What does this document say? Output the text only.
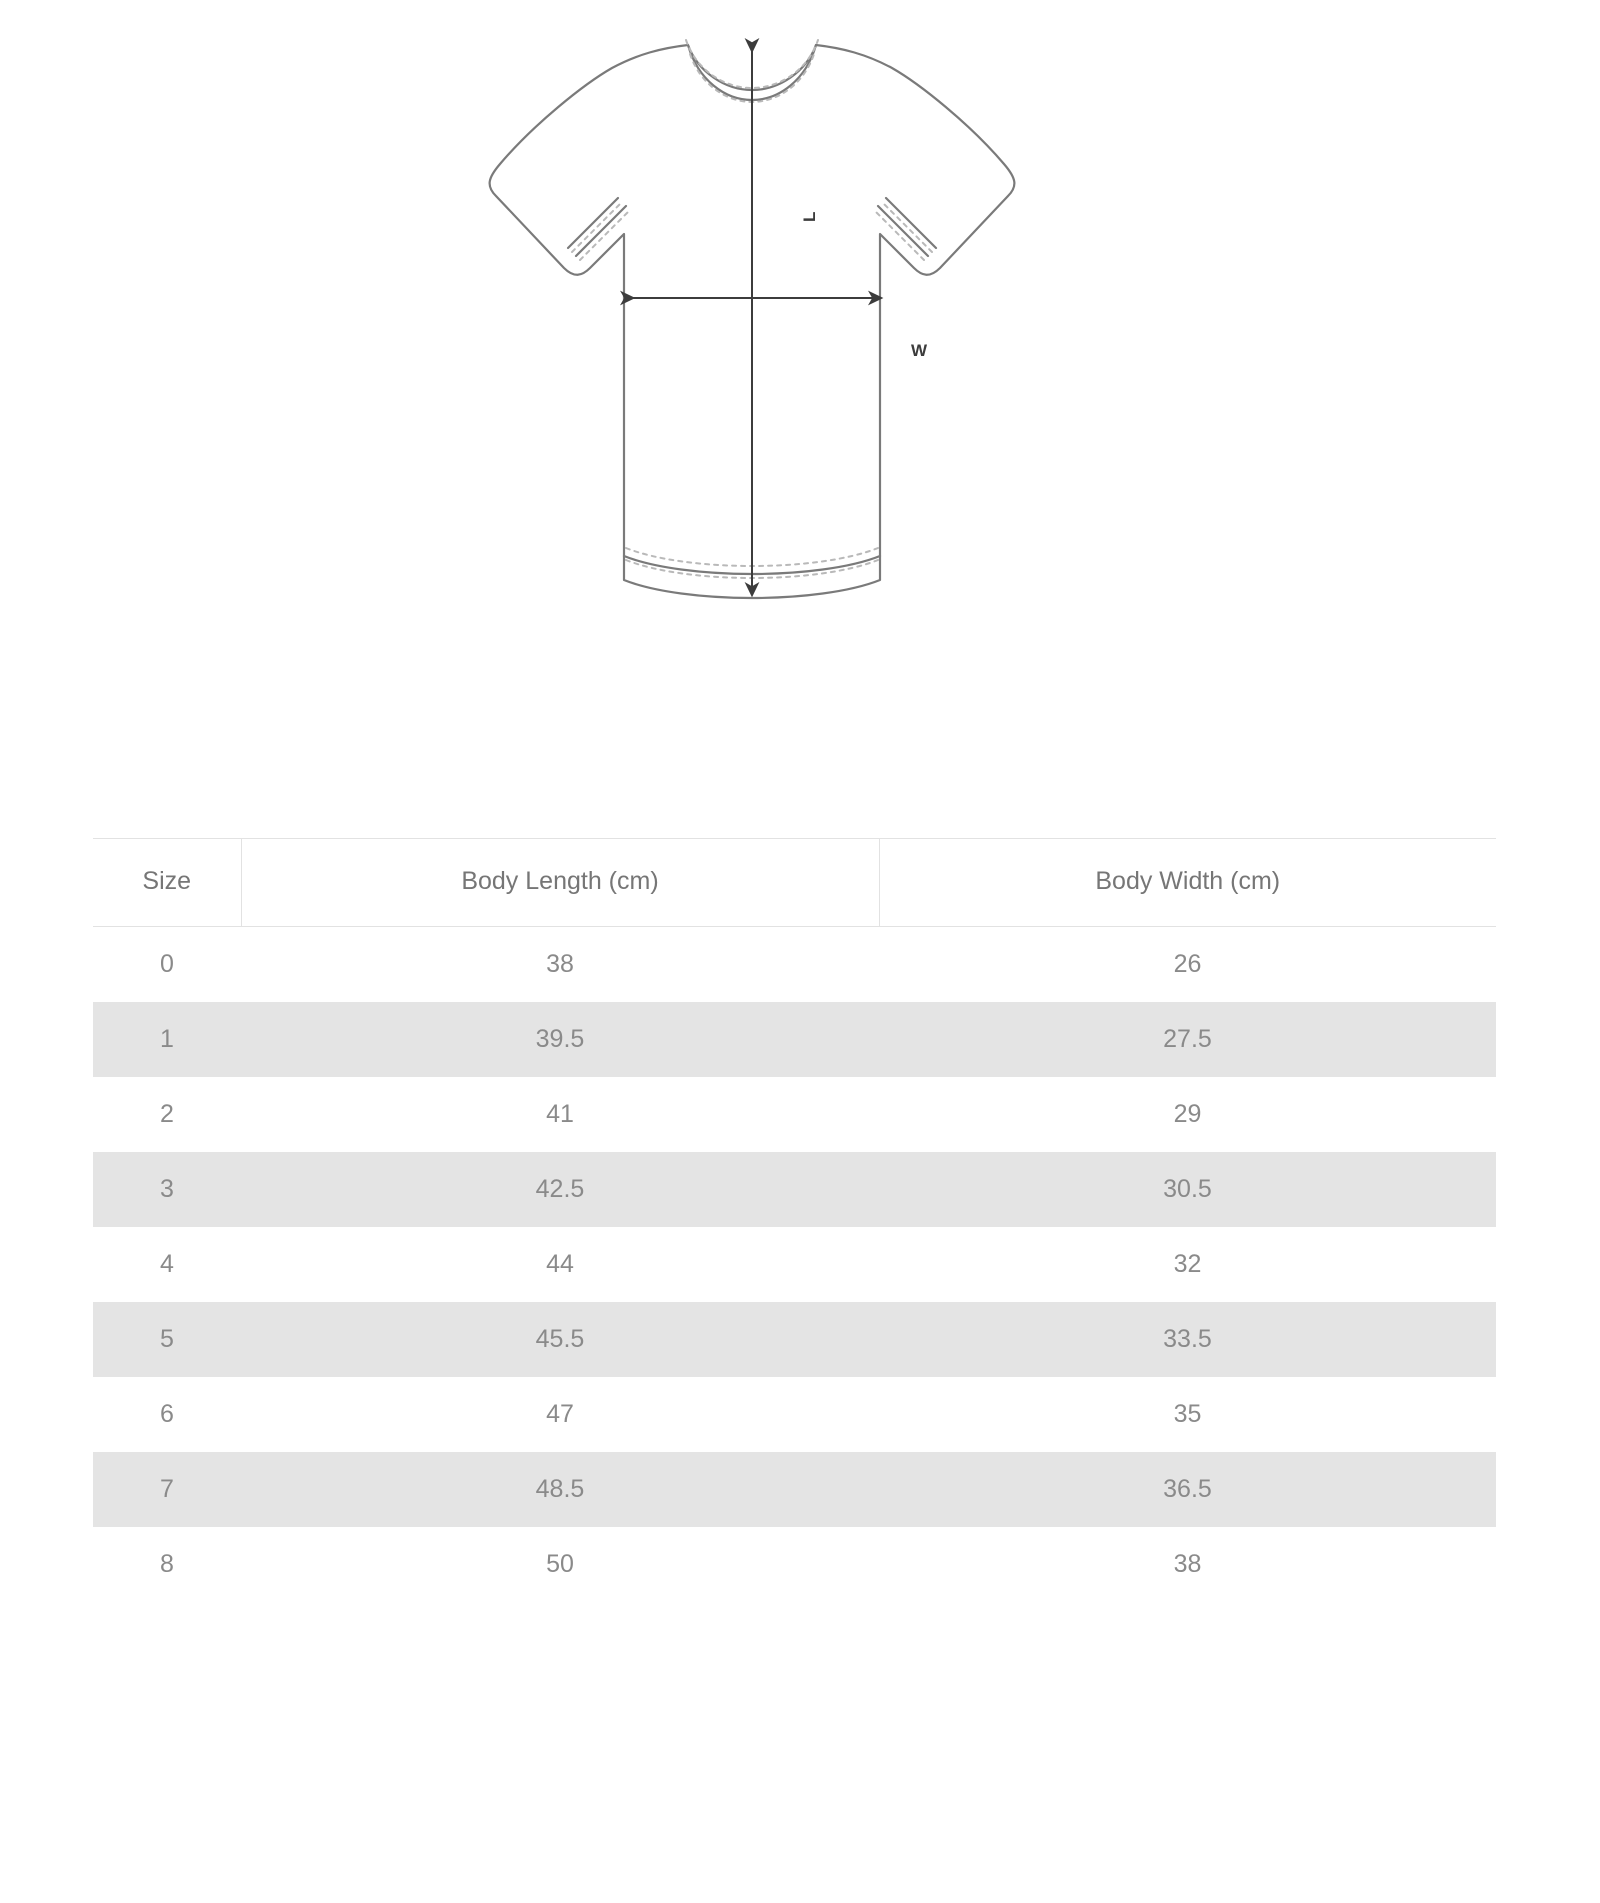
L
W
Size	Body Length (cm)	Body Width (cm)
0	38	26
1	39.5	27.5
2	41	29
3	42.5	30.5
4	44	32
5	45.5	33.5
6	47	35
7	48.5	36.5
8	50	38
